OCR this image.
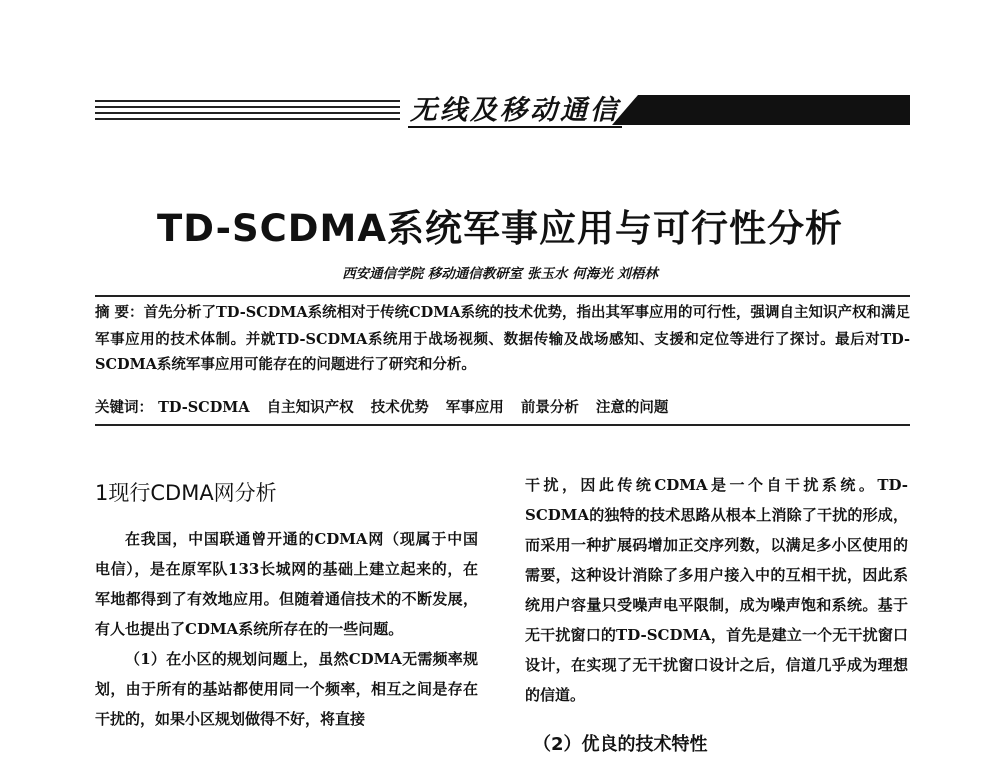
无线及移动通信
TD-SCDMA系统军事应用与可行性分析
西安通信学院 移动通信教研室 张玉水 何海光 刘梧林
摘 要：首先分析了TD-SCDMA系统相对于传统CDMA系统的技术优势，指出其军事应用的可行性，强调自主知识产权和满足军事应用的技术体制。并就TD-SCDMA系统用于战场视频、数据传输及战场感知、支援和定位等进行了探讨。最后对TD-SCDMA系统军事应用可能存在的问题进行了研究和分析。
关键词： TD-SCDMA 自主知识产权 技术优势 军事应用 前景分析 注意的问题
1现行CDMA网分析

在我国，中国联通曾开通的CDMA网（现属于中国电信），是在原军队133长城网的基础上建立起来的，在军地都得到了有效地应用。但随着通信技术的不断发展，有人也提出了CDMA系统所存在的一些问题。

（1）在小区的规划问题上，虽然CDMA无需频率规划，由于所有的基站都使用同一个频率，相互之间是存在干扰的，如果小区规划做得不好，将直接

干扰，因此传统CDMA是一个自干扰系统。TD-SCDMA的独特的技术思路从根本上消除了干扰的形成，而采用一种扩展码增加正交序列数，以满足多小区使用的需要，这种设计消除了多用户接入中的互相干扰，因此系统用户容量只受噪声电平限制，成为噪声饱和系统。基于无干扰窗口的TD-SCDMA，首先是建立一个无干扰窗口设计，在实现了无干扰窗口设计之后，信道几乎成为理想的信道。

（2）优良的技术特性
